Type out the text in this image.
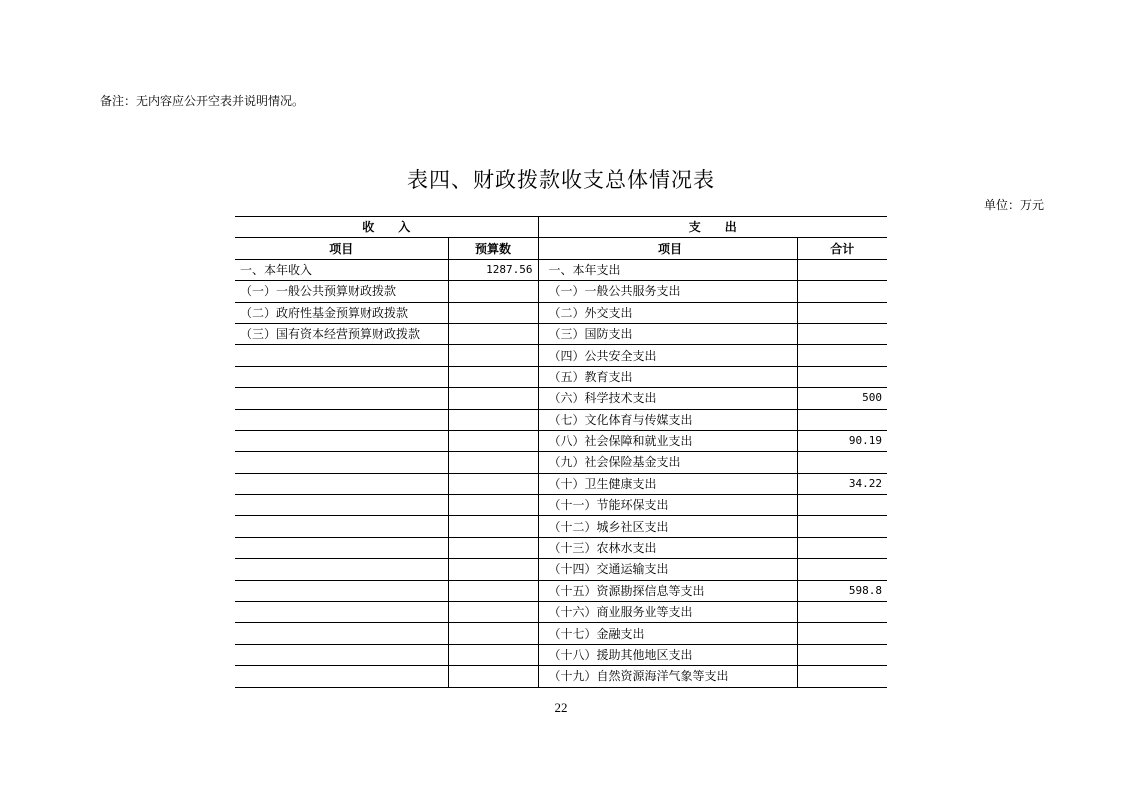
备注：无内容应公开空表并说明情况。
表四、财政拨款收支总体情况表
单位：万元
收　　入		支　　出	
项目	预算数	项目	合计
一、本年收入	1287.56	一、本年支出	
（一）一般公共预算财政拨款		（一）一般公共服务支出	
（二）政府性基金预算财政拨款		（二）外交支出	
（三）国有资本经营预算财政拨款		（三）国防支出	
		（四）公共安全支出	
		（五）教育支出	
		（六）科学技术支出	500
		（七）文化体育与传媒支出	
		（八）社会保障和就业支出	90.19
		（九）社会保险基金支出	
		（十）卫生健康支出	34.22
		（十一）节能环保支出	
		（十二）城乡社区支出	
		（十三）农林水支出	
		（十四）交通运输支出	
		（十五）资源勘探信息等支出	598.8
		（十六）商业服务业等支出	
		（十七）金融支出	
		（十八）援助其他地区支出	
		（十九）自然资源海洋气象等支出	
22
